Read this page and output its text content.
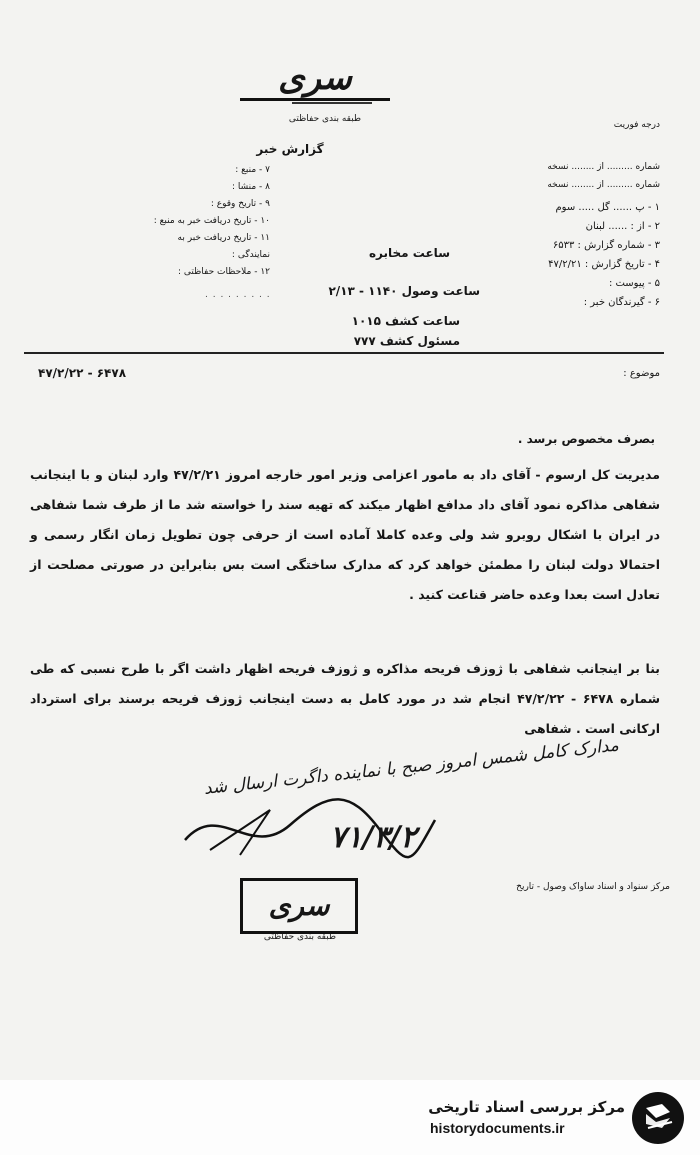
سری
طبقه بندی حفاظتی
درجه فوریت
گزارش خبر
۱ - پ ...... گل ..... سوم
۲ - از : ...... لبنان
۳ - شماره گزارش : ۶۵۳۳
۴ - تاریخ گزارش : ۴۷/۲/۲۱
۵ - پیوست :
۶ - گیرندگان خبر :
شماره ......... از ........ نسخه
شماره ......... از ........ نسخه
ساعت مخابره
ساعت وصول ۱۱۴۰ - ۲/۱۳
ساعت کشف ۱۰۱۵
مسئول کشف ۷۷۷
۷ - منبع :
۸ - منشا :
۹ - تاریخ وقوع :
۱۰ - تاریخ دریافت خبر به منبع :
۱۱ - تاریخ دریافت خبر به نمایندگی :
۱۲ - ملاحظات حفاظتی :
. . . . . . . . .
موضوع :
۴۷/۲/۲۲ - ۶۴۷۸
بصرف مخصوص برسد .
مدیریت کل ارسوم - آقای داد به مامور اعزامی وزیر امور خارجه امروز ۴۷/۲/۲۱ وارد لبنان و با اینجانب شفاهی مذاکره نمود آقای داد مدافع اظهار میکند که تهیه سند را خواسته شد ما از طرف شما شفاهی در ایران با اشکال روبرو شد ولی وعده کاملا آماده است از حرفی چون تطویل زمان انگار رسمی و احتمالا دولت لبنان را مطمئن خواهد کرد که مدارک ساختگی است بس بنابراین در صورتی مصلحت از تعادل است بعدا وعده حاضر قناعت کنید .
بنا بر اینجانب شفاهی با ژوزف فریحه مذاکره و ژوزف فریحه اظهار داشت اگر با طرح نسبی که طی شماره ۶۴۷۸ - ۴۷/۲/۲۲ انجام شد در مورد کامل به دست اینجانب ژوزف فریحه برسند برای استرداد ارکانی است . شفاهی
مدارک کامل شمس امروز صبح با نماینده داگرت ارسال شد
۷۱/۳/۲
سری
طبقه بندی حفاظتی
مرکز سنواد و اسناد ساواک وصول - تاریخ
مرکز بررسی اسناد تاریخی
historydocuments.ir
